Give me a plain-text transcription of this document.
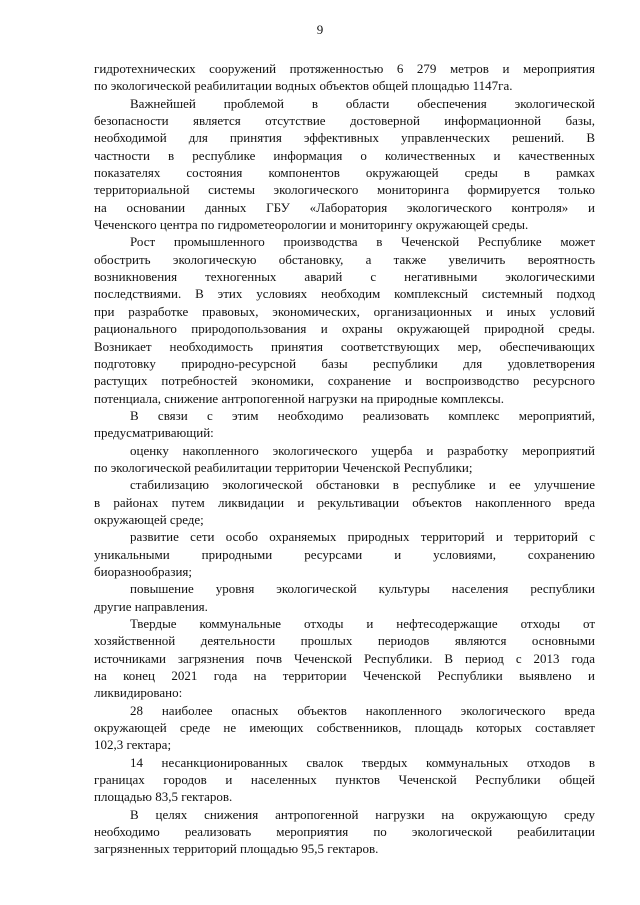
9
гидротехнических сооружений протяженностью 6 279 метров и мероприятия
по экологической реабилитации водных объектов общей площадью 1147га.
Важнейшей проблемой в области обеспечения экологической
безопасности является отсутствие достоверной информационной базы,
необходимой для принятия эффективных управленческих решений. В
частности в республике информация о количественных и качественных
показателях состояния компонентов окружающей среды в рамках
территориальной системы экологического мониторинга формируется только
на основании данных ГБУ «Лаборатория экологического контроля» и
Чеченского центра по гидрометеорологии и мониторингу окружающей среды.
Рост промышленного производства в Чеченской Республике может
обострить экологическую обстановку, а также увеличить вероятность
возникновения техногенных аварий с негативными экологическими
последствиями. В этих условиях необходим комплексный системный подход
при разработке правовых, экономических, организационных и иных условий
рационального природопользования и охраны окружающей природной среды.
Возникает необходимость принятия соответствующих мер, обеспечивающих
подготовку природно-ресурсной базы республики для удовлетворения
растущих потребностей экономики, сохранение и воспроизводство ресурсного
потенциала, снижение антропогенной нагрузки на природные комплексы.
В связи с этим необходимо реализовать комплекс мероприятий,
предусматривающий:
оценку накопленного экологического ущерба и разработку мероприятий
по экологической реабилитации территории Чеченской Республики;
стабилизацию экологической обстановки в республике и ее улучшение
в районах путем ликвидации и рекультивации объектов накопленного вреда
окружающей среде;
развитие сети особо охраняемых природных территорий и территорий с
уникальными природными ресурсами и условиями, сохранению
биоразнообразия;
повышение уровня экологической культуры населения республики
другие направления.
Твердые коммунальные отходы и нефтесодержащие отходы от
хозяйственной деятельности прошлых периодов являются основными
источниками загрязнения почв Чеченской Республики. В период с 2013 года
на конец 2021 года на территории Чеченской Республики выявлено и
ликвидировано:
28 наиболее опасных объектов накопленного экологического вреда
окружающей среде не имеющих собственников, площадь которых составляет
102,3 гектара;
14 несанкционированных свалок твердых коммунальных отходов в
границах городов и населенных пунктов Чеченской Республики общей
площадью 83,5 гектаров.
В целях снижения антропогенной нагрузки на окружающую среду
необходимо реализовать мероприятия по экологической реабилитации
загрязненных территорий площадью 95,5 гектаров.
